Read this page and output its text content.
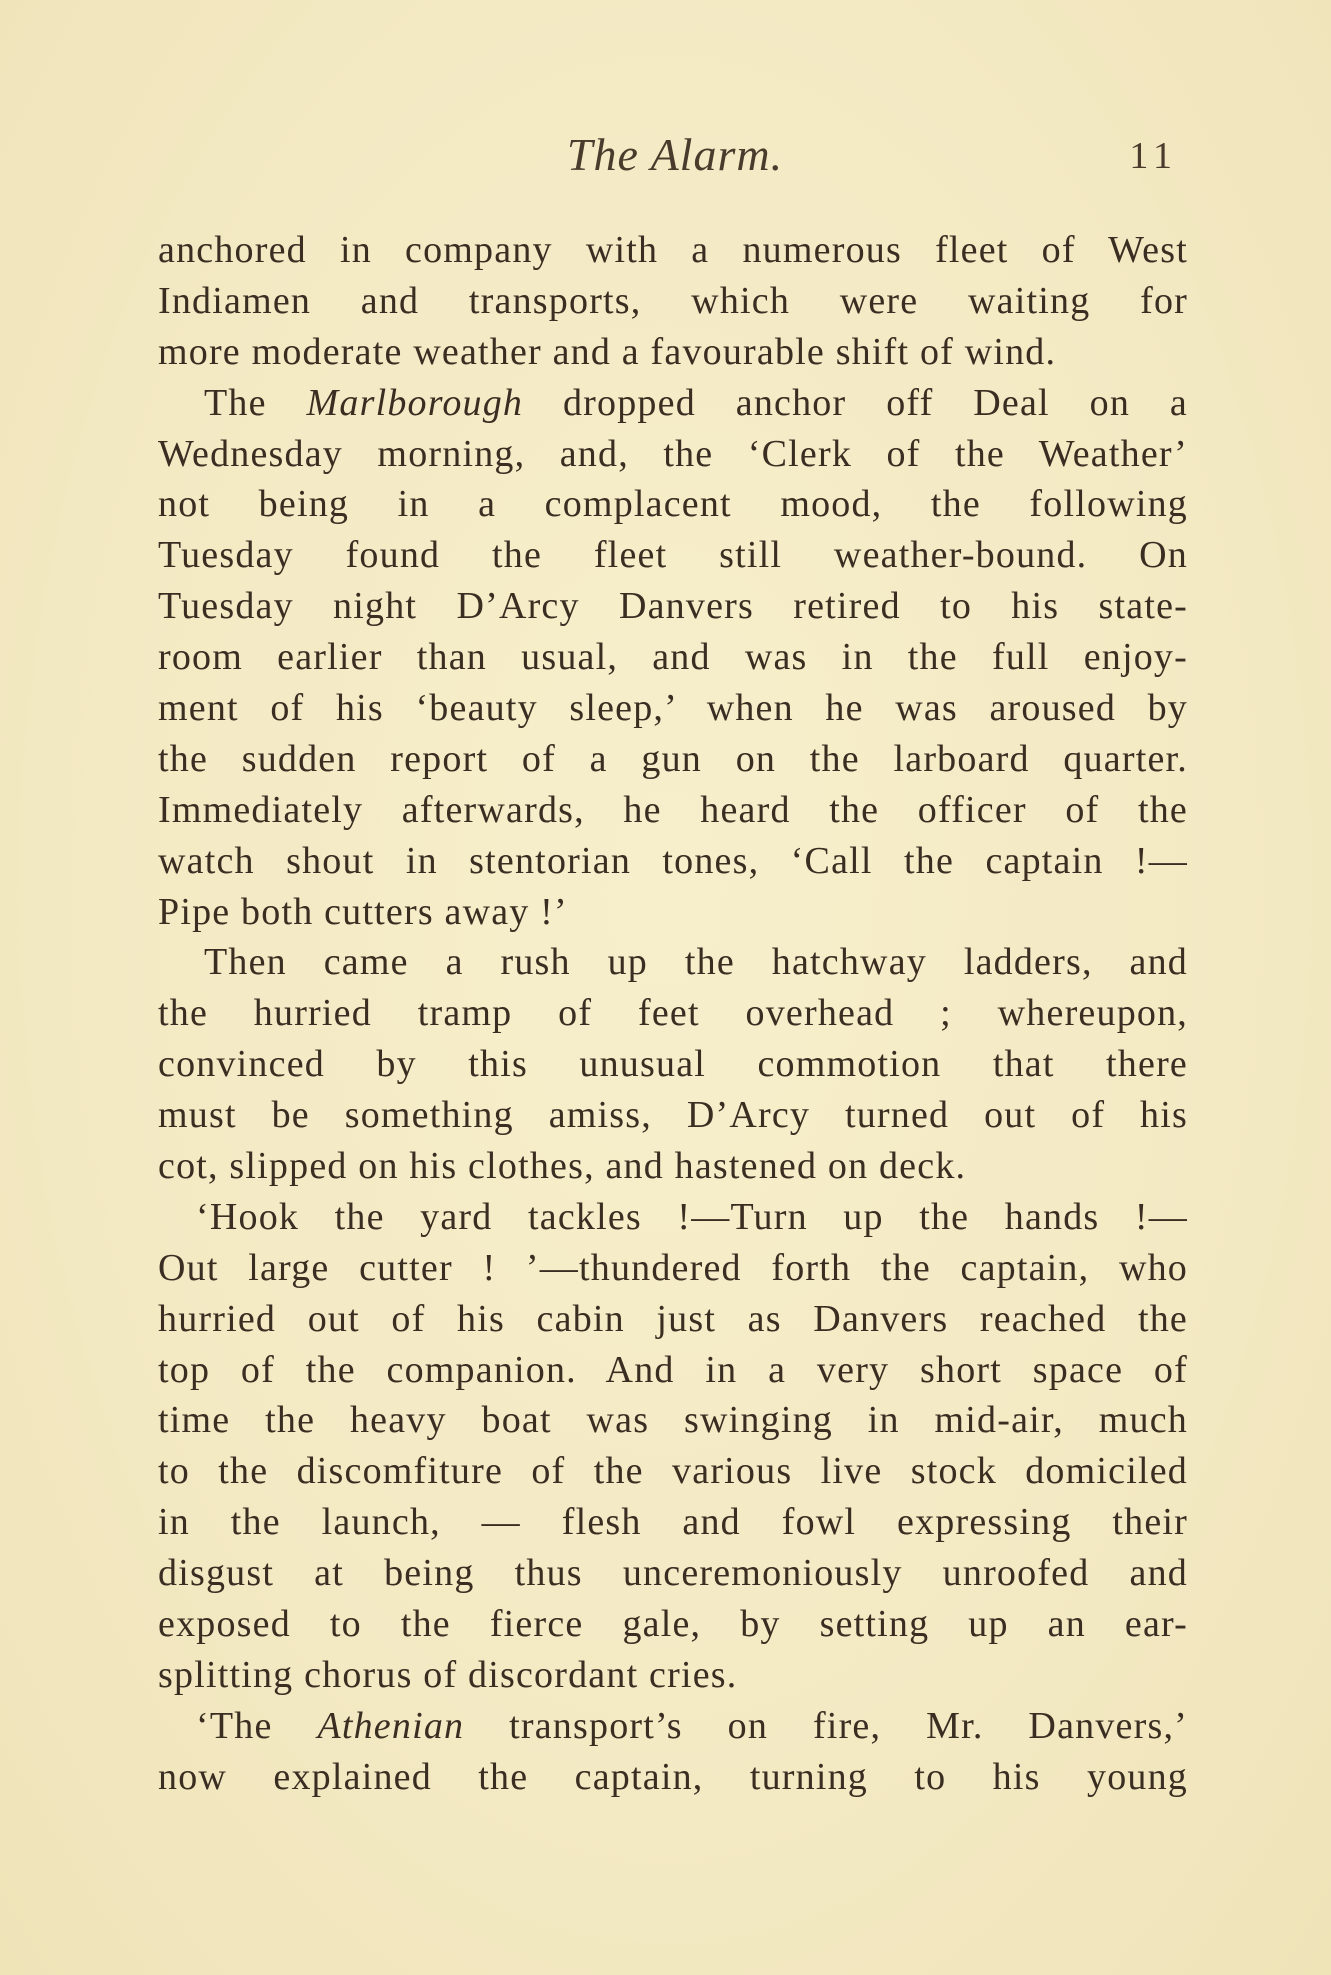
The Alarm.	11
anchored in company with a numerous fleet of West
Indiamen and transports, which were waiting for
more moderate weather and a favourable shift of wind.
The Marlborough dropped anchor off Deal on a
Wednesday morning, and, the ‘Clerk of the Weather’
not being in a complacent mood, the following
Tuesday found the fleet still weather-bound. On
Tuesday night D’Arcy Danvers retired to his state-
room earlier than usual, and was in the full enjoy-
ment of his ‘beauty sleep,’ when he was aroused by
the sudden report of a gun on the larboard quarter.
Immediately afterwards, he heard the officer of the
watch shout in stentorian tones, ‘Call the captain !—
Pipe both cutters away !’
Then came a rush up the hatchway ladders, and
the hurried tramp of feet overhead ; whereupon,
convinced by this unusual commotion that there
must be something amiss, D’Arcy turned out of his
cot, slipped on his clothes, and hastened on deck.
‘Hook the yard tackles !—Turn up the hands !—
Out large cutter ! ’—thundered forth the captain, who
hurried out of his cabin just as Danvers reached the
top of the companion. And in a very short space of
time the heavy boat was swinging in mid-air, much
to the discomfiture of the various live stock domiciled
in the launch, — flesh and fowl expressing their
disgust at being thus unceremoniously unroofed and
exposed to the fierce gale, by setting up an ear-
splitting chorus of discordant cries.
‘The Athenian transport’s on fire, Mr. Danvers,’
now explained the captain, turning to his young
